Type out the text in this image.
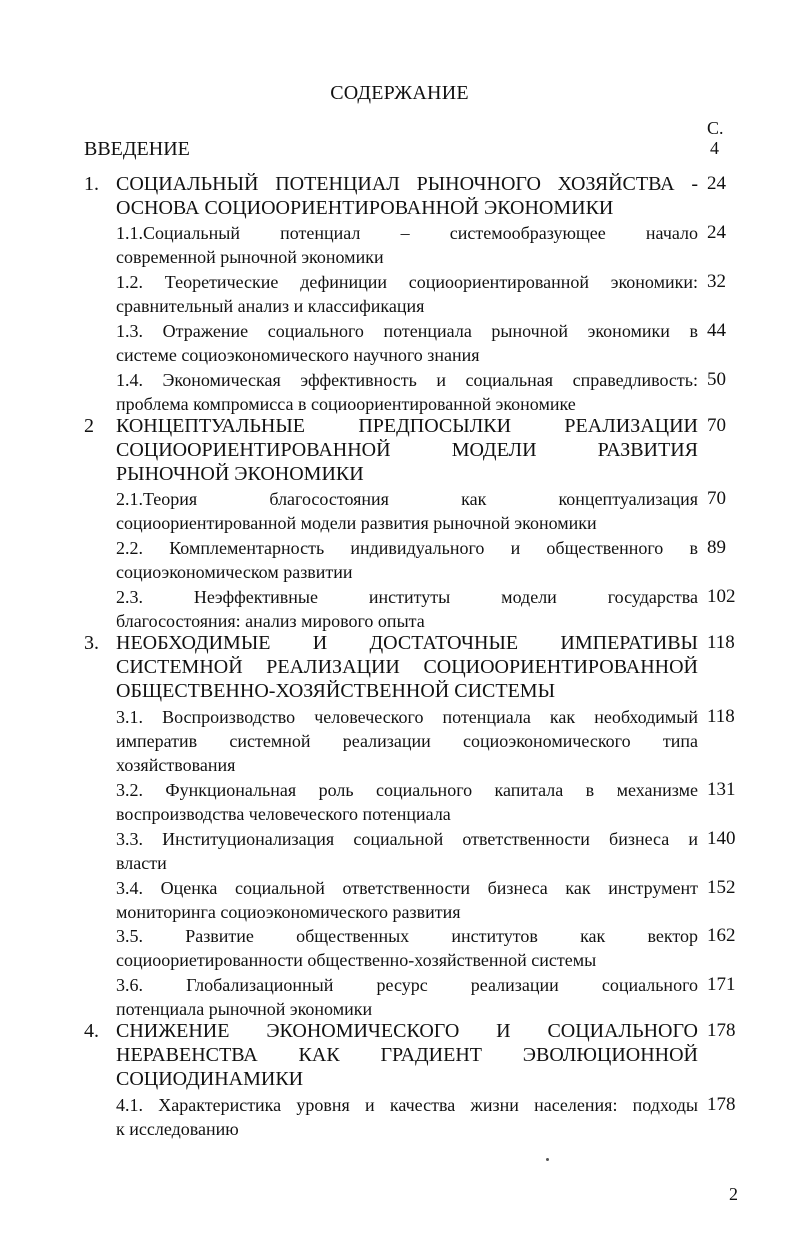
СОДЕРЖАНИЕ
С.
ВВЕДЕНИЕ	4
1. СОЦИАЛЬНЫЙ ПОТЕНЦИАЛ РЫНОЧНОГО ХОЗЯЙСТВА -
ОСНОВА СОЦИООРИЕНТИРОВАННОЙ ЭКОНОМИКИ
24
1.1.Социальный потенциал – системообразующее начало
современной рыночной экономики
24
1.2. Теоретические дефиниции социоориентированной экономики:
сравнительный анализ и классификация
32
1.3. Отражение социального потенциала рыночной экономики в
системе социоэкономического научного знания
44
1.4. Экономическая эффективность и социальная справедливость:
проблема компромисса в социоориентированной экономике
50
2 КОНЦЕПТУАЛЬНЫЕ ПРЕДПОСЫЛКИ РЕАЛИЗАЦИИ
СОЦИООРИЕНТИРОВАННОЙ МОДЕЛИ РАЗВИТИЯ
РЫНОЧНОЙ ЭКОНОМИКИ
70
2.1.Теория благосостояния как концептуализация
социоориентированной модели развития рыночной экономики
70
2.2. Комплементарность индивидуального и общественного в
социоэкономическом развитии
89
2.3. Неэффективные институты модели государства
благосостояния: анализ мирового опыта
102
3. НЕОБХОДИМЫЕ И ДОСТАТОЧНЫЕ ИМПЕРАТИВЫ
СИСТЕМНОЙ РЕАЛИЗАЦИИ СОЦИООРИЕНТИРОВАННОЙ
ОБЩЕСТВЕННО-ХОЗЯЙСТВЕННОЙ СИСТЕМЫ
118
3.1. Воспроизводство человеческого потенциала как необходимый
императив системной реализации социоэкономического типа
хозяйствования
118
3.2. Функциональная роль социального капитала в механизме
воспроизводства человеческого потенциала
131
3.3. Институционализация социальной ответственности бизнеса и
власти
140
3.4. Оценка социальной ответственности бизнеса как инструмент
мониторинга социоэкономического развития
152
3.5. Развитие общественных институтов как вектор
социоориетированности общественно-хозяйственной системы
162
3.6. Глобализационный ресурс реализации социального
потенциала рыночной экономики
171
4. СНИЖЕНИЕ ЭКОНОМИЧЕСКОГО И СОЦИАЛЬНОГО
НЕРАВЕНСТВА КАК ГРАДИЕНТ ЭВОЛЮЦИОННОЙ
СОЦИОДИНАМИКИ
178
4.1. Характеристика уровня и качества жизни населения: подходы
к исследованию
178
2
